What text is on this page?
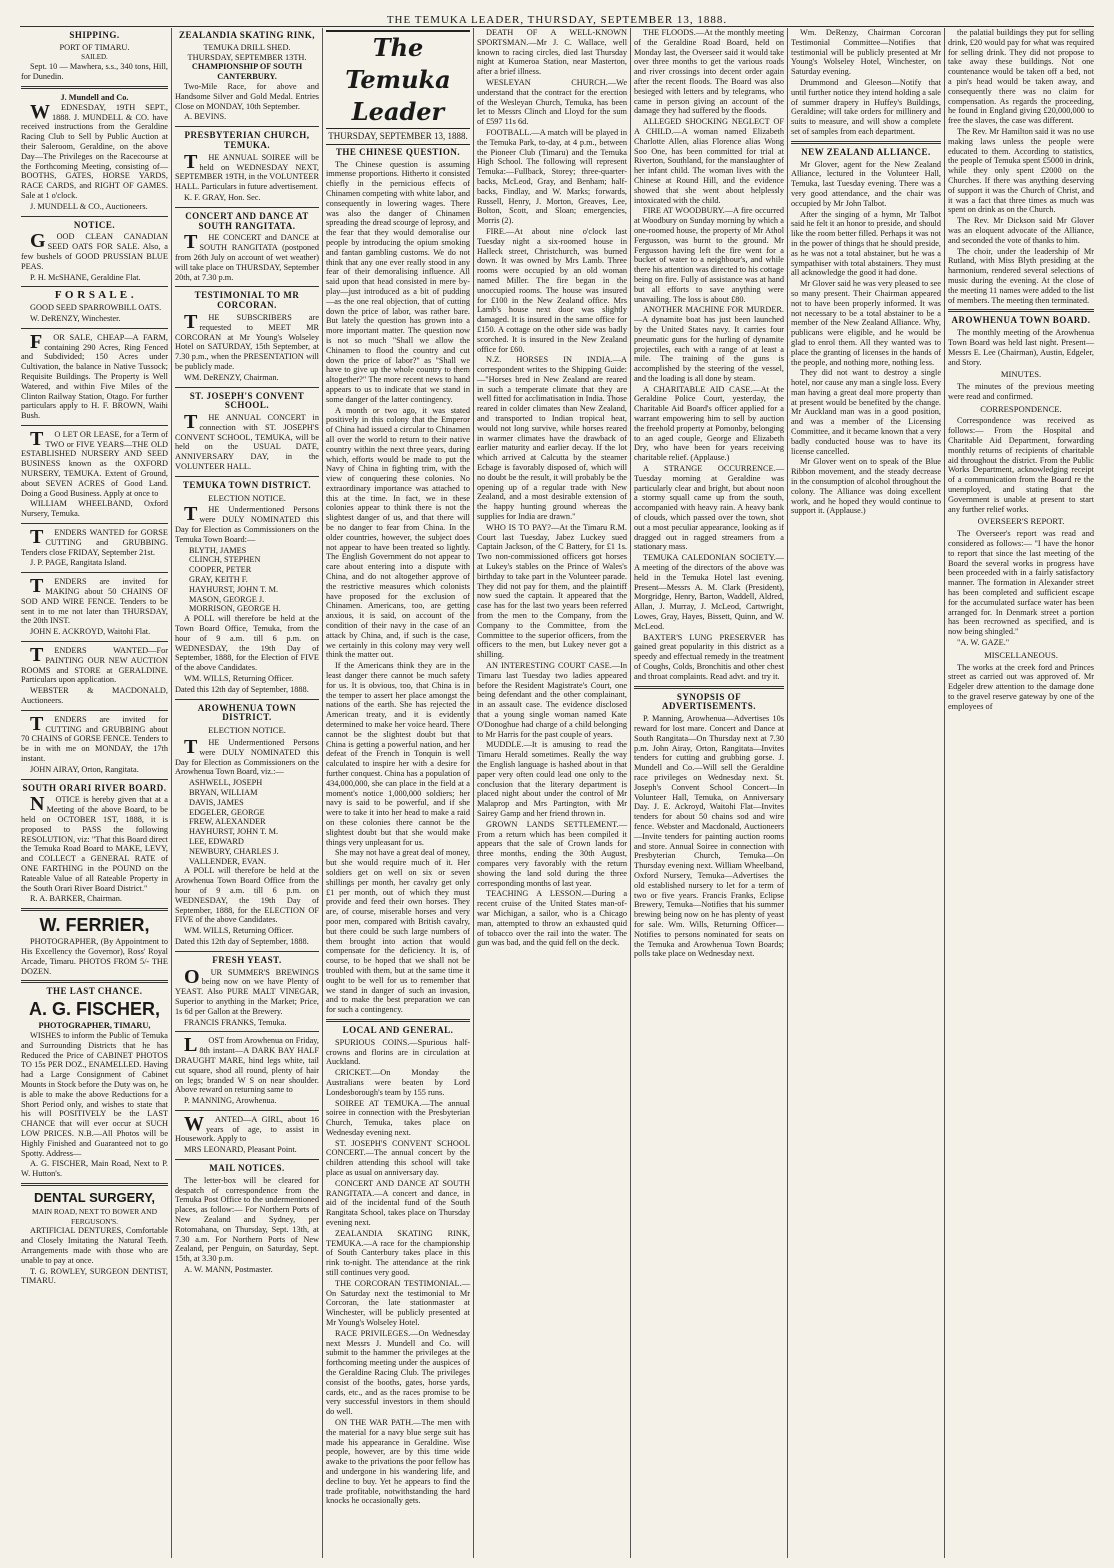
THE TEMUKA LEADER, THURSDAY, SEPTEMBER 13, 1888.
SHIPPING.
PORT OF TIMARU.
SAILED.

Sept. 10 — Mawhera, s.s., 340 tons, Hill, for Dunedin.

J. Mundell and Co.

WEDNESDAY, 19TH SEPT., 1888. J. MUNDELL & CO. have received instructions from the Geraldine Racing Club to Sell by Public Auction at their Saleroom, Geraldine, on the above Day—The Privileges on the Racecourse at the Forthcoming Meeting, consisting of— BOOTHS, GATES, HORSE YARDS, RACE CARDS, and RIGHT OF GAMES. Sale at 1 o'clock.

J. MUNDELL & CO., Auctioneers.

NOTICE.

GOOD CLEAN CANADIAN SEED OATS FOR SALE. Also, a few bushels of GOOD PRUSSIAN BLUE PEAS.

P. H. McSHANE, Geraldine Flat.

F O R S A L E .

GOOD SEED SPARROWBILL OATS.

W. DeRENZY, Winchester.

FOR SALE, CHEAP—A FARM, containing 290 Acres, Ring Fenced and Subdivided; 150 Acres under Cultivation, the balance in Native Tussock; Requisite Buildings. The Property is Well Watered, and within Five Miles of the Clinton Railway Station, Otago. For further particulars apply to H. F. BROWN, Waihi Bush.

TO LET OR LEASE, for a Term of TWO or FIVE YEARS—THE OLD ESTABLISHED NURSERY AND SEED BUSINESS known as the OXFORD NURSERY, TEMUKA. Extent of Ground, about SEVEN ACRES of Good Land. Doing a Good Business. Apply at once to

WILLIAM WHEELBAND, Oxford Nursery, Temuka.

TENDERS WANTED for GORSE CUTTING and GRUBBING. Tenders close FRIDAY, September 21st.

J. P. PAGE, Rangitata Island.

TENDERS are invited for MAKING about 50 CHAINS OF SOD AND WIRE FENCE. Tenders to be sent in to me not later than THURSDAY, the 20th INST.

JOHN E. ACKROYD, Waitohi Flat.

TENDERS WANTED—For PAINTING OUR NEW AUCTION ROOMS and STORE at GERALDINE. Particulars upon application.

WEBSTER & MACDONALD, Auctioneers.

TENDERS are invited for CUTTING and GRUBBING about 70 CHAINS of GORSE FENCE. Tenders to be in with me on MONDAY, the 17th instant.

JOHN AIRAY, Orton, Rangitata.

SOUTH ORARI RIVER BOARD.

NOTICE is hereby given that at a Meeting of the above Board, to be held on OCTOBER 1ST, 1888, it is proposed to PASS the following RESOLUTION, viz: "That this Board direct the Temuka Road Board to MAKE, LEVY, and COLLECT a GENERAL RATE of ONE FARTHING in the POUND on the Rateable Value of all Rateable Property in the South Orari River Board District."

R. A. BARKER, Chairman.

W. FERRIER,

PHOTOGRAPHER, (By Appointment to His Excellency the Governor), Ross' Royal Arcade, Timaru. PHOTOS FROM 5/- THE DOZEN.

THE LAST CHANCE.
A. G. FISCHER,
PHOTOGRAPHER, TIMARU,

WISHES to inform the Public of Temuka and Surrounding Districts that he has Reduced the Price of CABINET PHOTOS TO 15s PER DOZ., ENAMELLED. Having had a Large Consignment of Cabinet Mounts in Stock before the Duty was on, he is able to make the above Reductions for a Short Period only, and wishes to state that his will POSITIVELY be the LAST CHANCE that will ever occur at SUCH LOW PRICES. N.B.—All Photos will be Highly Finished and Guaranteed not to go Spotty. Address—

A. G. FISCHER, Main Road, Next to P. W. Hutton's.

DENTAL SURGERY,
MAIN ROAD, NEXT TO BOWER AND FERGUSON'S.

ARTIFICIAL DENTURES, Comfortable and Closely Imitating the Natural Teeth. Arrangements made with those who are unable to pay at once.

T. G. ROWLEY, SURGEON DENTIST, TIMARU.

ZEALANDIA SKATING RINK,
TEMUKA DRILL SHED.
THURSDAY, SEPTEMBER 13TH.
CHAMPIONSHIP OF SOUTH CANTERBURY.

Two-Mile Race, for above and Handsome Silver and Gold Medal. Entries Close on MONDAY, 10th September.

A. BEVINS.

PRESBYTERIAN CHURCH, TEMUKA.

THE ANNUAL SOIREE will be held on WEDNESDAY NEXT, SEPTEMBER 19TH, in the VOLUNTEER HALL. Particulars in future advertisement.

K. F. GRAY, Hon. Sec.

CONCERT AND DANCE AT SOUTH RANGITATA.

THE CONCERT and DANCE at SOUTH RANGITATA (postponed from 26th July on account of wet weather) will take place on THURSDAY, September 20th, at 7.30 p.m.

TESTIMONIAL TO MR CORCORAN.

THE SUBSCRIBERS are requested to MEET MR CORCORAN at Mr Young's Wolseley Hotel on SATURDAY, 15th September, at 7.30 p.m., when the PRESENTATION will be publicly made.

WM. DeRENZY, Chairman.

ST. JOSEPH'S CONVENT SCHOOL.

THE ANNUAL CONCERT in connection with ST. JOSEPH'S CONVENT SCHOOL, TEMUKA, will be held on the USUAL DATE, ANNIVERSARY DAY, in the VOLUNTEER HALL.

TEMUKA TOWN DISTRICT.
ELECTION NOTICE.

THE Undermentioned Persons were DULY NOMINATED this Day for Election as Commissioners on the Temuka Town Board:—

BLYTH, JAMES

CLINCH, STEPHEN

COOPER, PETER

GRAY, KEITH F.

HAYHURST, JOHN T. M.

MASON, GEORGE J.

MORRISON, GEORGE H.

A POLL will therefore be held at the Town Board Office, Temuka, from the hour of 9 a.m. till 6 p.m. on WEDNESDAY, the 19th Day of September, 1888, for the Election of FIVE of the above Candidates.

WM. WILLS, Returning Officer.

Dated this 12th day of September, 1888.

AROWHENUA TOWN DISTRICT.
ELECTION NOTICE.

THE Undermentioned Persons were DULY NOMINATED this Day for Election as Commissioners on the Arowhenua Town Board, viz.:—

ASHWELL, JOSEPH

BRYAN, WILLIAM

DAVIS, JAMES

EDGELER, GEORGE

FREW, ALEXANDER

HAYHURST, JOHN T. M.

LEE, EDWARD

NEWBURY, CHARLES J.

VALLENDER, EVAN.

A POLL will therefore be held at the Arowhenua Town Board Office from the hour of 9 a.m. till 6 p.m. on WEDNESDAY, the 19th Day of September, 1888, for the ELECTION OF FIVE of the above Candidates.

WM. WILLS, Returning Officer.

Dated this 12th day of September, 1888.

FRESH YEAST.

OUR SUMMER'S BREWINGS being now on we have Plenty of YEAST. Also PURE MALT VINEGAR, Superior to anything in the Market; Price, 1s 6d per Gallon at the Brewery.

FRANCIS FRANKS, Temuka.

LOST from Arowhenua on Friday, 8th instant—A DARK BAY HALF DRAUGHT MARE, hind legs white, tail cut square, shod all round, plenty of hair on legs; branded W S on near shoulder. Above reward on returning same to

P. MANNING, Arowhenua.

WANTED—A GIRL, about 16 years of age, to assist in Housework. Apply to

MRS LEONARD, Pleasant Point.

MAIL NOTICES.

The letter-box will be cleared for despatch of correspondence from the Temuka Post Office to the undermentioned places, as follow:— For Northern Ports of New Zealand and Sydney, per Rotomahana, on Thursday, Sept. 13th, at 7.30 a.m. For Northern Ports of New Zealand, per Penguin, on Saturday, Sept. 15th, at 3.30 p.m.

A. W. MANN, Postmaster.

The Temuka Leader
THURSDAY, SEPTEMBER 13, 1888.
THE CHINESE QUESTION.

The Chinese question is assuming immense proportions. Hitherto it consisted chiefly in the pernicious effects of Chinamen competing with white labor, and consequently in lowering wages. There was also the danger of Chinamen spreading the dread scourge of leprosy, and the fear that they would demoralise our people by introducing the opium smoking and fantan gambling customs. We do not think that any one ever really stood in any fear of their demoralising influence. All said upon that head consisted in mere by-play—just introduced as a bit of pudding—as the one real objection, that of cutting down the price of labor, was rather bare. But lately the question has grown into a more important matter. The question now is not so much "Shall we allow the Chinamen to flood the country and cut down the price of labor?" as "Shall we have to give up the whole country to them altogether?" The more recent news to hand appears to us to indicate that we stand in some danger of the latter contingency.

A month or two ago, it was stated positively in this colony that the Emperor of China had issued a circular to Chinamen all over the world to return to their native country within the next three years, during which, efforts would be made to put the Navy of China in fighting trim, with the view of conquering these colonies. No extraordinary importance was attached to this at the time. In fact, we in these colonies appear to think there is not the slightest danger of us, and that there will be no danger to fear from China. In the older countries, however, the subject does not appear to have been treated so lightly. The English Government do not appear to care about entering into a dispute with China, and do not altogether approve of the restrictive measures which colonists have proposed for the exclusion of Chinamen. Americans, too, are getting anxious, it is said, on account of the condition of their navy in the case of an attack by China, and, if such is the case, we certainly in this colony may very well think the matter out.

If the Americans think they are in the least danger there cannot be much safety for us. It is obvious, too, that China is in the temper to assert her place amongst the nations of the earth. She has rejected the American treaty, and it is evidently determined to make her voice heard. There cannot be the slightest doubt but that China is getting a powerful nation, and her defeat of the French in Tonquin is well calculated to inspire her with a desire for further conquest. China has a population of 434,000,000, she can place in the field at a moment's notice 1,000,000 soldiers; her navy is said to be powerful, and if she were to take it into her head to make a raid on these colonies there cannot be the slightest doubt but that she would make things very unpleasant for us.

She may not have a great deal of money, but she would require much of it. Her soldiers get on well on six or seven shillings per month, her cavalry get only £1 per month, out of which they must provide and feed their own horses. They are, of course, miserable horses and very poor men, compared with British cavalry, but there could be such large numbers of them brought into action that would compensate for the deficiency. It is, of course, to be hoped that we shall not be troubled with them, but at the same time it ought to be well for us to remember that we stand in danger of such an invasion, and to make the best preparation we can for such a contingency.

LOCAL AND GENERAL.

SPURIOUS COINS.—Spurious half-crowns and florins are in circulation at Auckland.

CRICKET.—On Monday the Australians were beaten by Lord Londesborough's team by 155 runs.

SOIREE AT TEMUKA.—The annual soiree in connection with the Presbyterian Church, Temuka, takes place on Wednesday evening next.

ST. JOSEPH'S CONVENT SCHOOL CONCERT.—The annual concert by the children attending this school will take place as usual on anniversary day.

CONCERT AND DANCE AT SOUTH RANGITATA.—A concert and dance, in aid of the incidental fund of the South Rangitata School, takes place on Thursday evening next.

ZEALANDIA SKATING RINK, TEMUKA.—A race for the championship of South Canterbury takes place in this rink to-night. The attendance at the rink still continues very good.

THE CORCORAN TESTIMONIAL.—On Saturday next the testimonial to Mr Corcoran, the late stationmaster at Winchester, will be publicly presented at Mr Young's Wolseley Hotel.

RACE PRIVILEGES.—On Wednesday next Messrs J. Mundell and Co. will submit to the hammer the privileges at the forthcoming meeting under the auspices of the Geraldine Racing Club. The privileges consist of the booths, gates, horse yards, cards, etc., and as the races promise to be very successful investors in them should do well.

ON THE WAR PATH.—The men with the material for a navy blue serge suit has made his appearance in Geraldine. Wise people, however, are by this time wide awake to the privations the poor fellow has and undergone in his wandering life, and decline to buy. Yet he appears to find the trade profitable, notwithstanding the hard knocks he occasionally gets.

DEATH OF A WELL-KNOWN SPORTSMAN.—Mr J. C. Wallace, well known to racing circles, died last Thursday night at Kumeroa Station, near Masterton, after a brief illness.

WESLEYAN CHURCH.—We understand that the contract for the erection of the Wesleyan Church, Temuka, has been let to Messrs Clinch and Lloyd for the sum of £597 11s 6d.

FOOTBALL.—A match will be played in the Temuka Park, to-day, at 4 p.m., between the Pioneer Club (Timaru) and the Temuka High School. The following will represent Temuka:—Fullback, Storey; three-quarter-backs, McLeod, Gray, and Benham; half-backs, Findlay, and W. Marks; forwards, Russell, Henry, J. Morton, Greaves, Lee, Bolton, Scott, and Sloan; emergencies, Morris (2).

FIRE.—At about nine o'clock last Tuesday night a six-roomed house in Halleck street, Christchurch, was burned down. It was owned by Mrs Lamb. Three rooms were occupied by an old woman named Miller. The fire began in the unoccupied rooms. The house was insured for £100 in the New Zealand office. Mrs Lamb's house next door was slightly damaged. It is insured in the same office for £150. A cottage on the other side was badly scorched. It is insured in the New Zealand office for £60.

N.Z. HORSES IN INDIA.—A correspondent writes to the Shipping Guide:—"Horses bred in New Zealand are reared in such a temperate climate that they are well fitted for acclimatisation in India. Those reared in colder climates than New Zealand, and transported to Indian tropical heat, would not long survive, while horses reared in warmer climates have the drawback of earlier maturity and earlier decay. If the lot which arrived at Calcutta by the steamer Ecbage is favorably disposed of, which will no doubt be the result, it will probably be the opening up of a regular trade with New Zealand, and a most desirable extension of the happy hunting ground whereas the supplies for India are drawn."

WHO IS TO PAY?—At the Timaru R.M. Court last Tuesday, Jabez Luckey sued Captain Jackson, of the C Battery, for £1 1s. Two non-commissioned officers got horses at Lukey's stables on the Prince of Wales's birthday to take part in the Volunteer parade. They did not pay for them, and the plaintiff now sued the captain. It appeared that the case has for the last two years been referred from the men to the Company, from the Company to the Committee, from the Committee to the superior officers, from the officers to the men, but Lukey never got a shilling.

AN INTERESTING COURT CASE.—In Timaru last Tuesday two ladies appeared before the Resident Magistrate's Court, one being defendant and the other complainant, in an assault case. The evidence disclosed that a young single woman named Kate O'Donoghue had charge of a child belonging to Mr Harris for the past couple of years.

MUDDLE.—It is amusing to read the Timaru Herald sometimes. Really the way the English language is hashed about in that paper very often could lead one only to the conclusion that the literary department is placed night about under the control of Mr Malaprop and Mrs Partington, with Mr Sairey Gamp and her friend thrown in.

GROWN LANDS SETTLEMENT.—From a return which has been compiled it appears that the sale of Crown lands for three months, ending the 30th August, compares very favorably with the return showing the land sold during the three corresponding months of last year.

TEACHING A LESSON.—During a recent cruise of the United States man-of-war Michigan, a sailor, who is a Chicago man, attempted to throw an exhausted quid of tobacco over the rail into the water. The gun was bad, and the quid fell on the deck.

THE FLOODS.—At the monthly meeting of the Geraldine Road Board, held on Monday last, the Overseer said it would take over three months to get the various roads and river crossings into decent order again after the recent floods. The Board was also besieged with letters and by telegrams, who came in person giving an account of the damage they had suffered by the floods.

ALLEGED SHOCKING NEGLECT OF A CHILD.—A woman named Elizabeth Charlotte Allen, alias Florence alias Wong Soo One, has been committed for trial at Riverton, Southland, for the manslaughter of her infant child. The woman lives with the Chinese at Round Hill, and the evidence showed that she went about helplessly intoxicated with the child.

FIRE AT WOODBURY.—A fire occurred at Woodbury on Sunday morning by which a one-roomed house, the property of Mr Athol Fergusson, was burnt to the ground. Mr Fergusson having left the fire went for a bucket of water to a neighbour's, and while there his attention was directed to his cottage being on fire. Fully of assistance was at hand but all efforts to save anything were unavailing. The loss is about £80.

ANOTHER MACHINE FOR MURDER.—A dynamite boat has just been launched by the United States navy. It carries four pneumatic guns for the hurling of dynamite projectiles, each with a range of at least a mile. The training of the guns is accomplished by the steering of the vessel, and the loading is all done by steam.

A CHARITABLE AID CASE.—At the Geraldine Police Court, yesterday, the Charitable Aid Board's officer applied for a warrant empowering him to sell by auction the freehold property at Pomonby, belonging to an aged couple, George and Elizabeth Dry, who have been for years receiving charitable relief. (Applause.)

A STRANGE OCCURRENCE.—Tuesday morning at Geraldine was particularly clear and bright, but about noon a stormy squall came up from the south, accompanied with heavy rain. A heavy bank of clouds, which passed over the town, shot out a most peculiar appearance, looking as if dragged out in ragged streamers from a stationary mass.

TEMUKA CALEDONIAN SOCIETY.—A meeting of the directors of the above was held in the Temuka Hotel last evening. Present—Messrs A. M. Clark (President), Morgridge, Henry, Barton, Waddell, Aldred, Allan, J. Murray, J. McLeod, Cartwright, Lowes, Gray, Hayes, Bissett, Quinn, and W. McLeod.

BAXTER'S LUNG PRESERVER has gained great popularity in this district as a speedy and effectual remedy in the treatment of Coughs, Colds, Bronchitis and other chest and throat complaints. Read advt. and try it.

SYNOPSIS OF ADVERTISEMENTS.

P. Manning, Arowhenua—Advertises 10s reward for lost mare. Concert and Dance at South Rangitata—On Thursday next at 7.30 p.m. John Airay, Orton, Rangitata—Invites tenders for cutting and grubbing gorse. J. Mundell and Co.—Will sell the Geraldine race privileges on Wednesday next. St. Joseph's Convent School Concert—In Volunteer Hall, Temuka, on Anniversary Day. J. E. Ackroyd, Waitohi Flat—Invites tenders for about 50 chains sod and wire fence. Webster and Macdonald, Auctioneers—Invite tenders for painting auction rooms and store. Annual Soiree in connection with Presbyterian Church, Temuka—On Thursday evening next. William Wheelband, Oxford Nursery, Temuka—Advertises the old established nursery to let for a term of two or five years. Francis Franks, Eclipse Brewery, Temuka—Notifies that his summer brewing being now on he has plenty of yeast for sale. Wm. Wills, Returning Officer—Notifies to persons nominated for seats on the Temuka and Arowhenua Town Boards; polls take place on Wednesday next.

Wm. DeRenzy, Chairman Corcoran Testimonial Committee—Notifies that testimonial will be publicly presented at Mr Young's Wolseley Hotel, Winchester, on Saturday evening.

Drummond and Gleeson—Notify that until further notice they intend holding a sale of summer drapery in Huffey's Buildings, Geraldine; will take orders for millinery and suits to measure, and will show a complete set of samples from each department.

NEW ZEALAND ALLIANCE.

Mr Glover, agent for the New Zealand Alliance, lectured in the Volunteer Hall, Temuka, last Tuesday evening. There was a very good attendance, and the chair was occupied by Mr John Talbot.

After the singing of a hymn, Mr Talbot said he felt it an honor to preside, and should like the room better filled. Perhaps it was not in the power of things that he should preside, as he was not a total abstainer, but he was a sympathiser with total abstainers. They must all acknowledge the good it had done.

Mr Glover said he was very pleased to see so many present. Their Chairman appeared not to have been properly informed. It was not necessary to be a total abstainer to be a member of the New Zealand Alliance. Why, publicans were eligible, and he would be glad to enrol them. All they wanted was to place the granting of licenses in the hands of the people, and nothing more, nothing less.

They did not want to destroy a single hotel, nor cause any man a single loss. Every man having a great deal more property than at present would be benefited by the change. Mr Auckland man was in a good position, and was a member of the Licensing Committee, and it became known that a very badly conducted house was to have its license cancelled.

Mr Glover went on to speak of the Blue Ribbon movement, and the steady decrease in the consumption of alcohol throughout the colony. The Alliance was doing excellent work, and he hoped they would continue to support it. (Applause.)

the palatial buildings they put for selling drink, £20 would pay for what was required for selling drink. They did not propose to take away these buildings. Not one countenance would be taken off a bed, not a pin's head would be taken away, and consequently there was no claim for compensation. As regards the proceeding, he found in England giving £20,000,000 to free the slaves, the case was different.

The Rev. Mr Hamilton said it was no use making laws unless the people were educated to them. According to statistics, the people of Temuka spent £5000 in drink, while they only spent £2000 on the Churches. If there was anything deserving of support it was the Church of Christ, and it was a fact that three times as much was spent on drink as on the Church.

The Rev. Mr Dickson said Mr Glover was an eloquent advocate of the Alliance, and seconded the vote of thanks to him.

The choir, under the leadership of Mr Rutland, with Miss Blyth presiding at the harmonium, rendered several selections of music during the evening. At the close of the meeting 11 names were added to the list of members. The meeting then terminated.

AROWHENUA TOWN BOARD.

The monthly meeting of the Arowhenua Town Board was held last night. Present—Messrs E. Lee (Chairman), Austin, Edgeler, and Story.

MINUTES.

The minutes of the previous meeting were read and confirmed.

CORRESPONDENCE.

Correspondence was received as follows:— From the Hospital and Charitable Aid Department, forwarding monthly returns of recipients of charitable aid throughout the district. From the Public Works Department, acknowledging receipt of a communication from the Board re the unemployed, and stating that the Government is unable at present to start any further relief works.

OVERSEER'S REPORT.

The Overseer's report was read and considered as follows:— "I have the honor to report that since the last meeting of the Board the several works in progress have been proceeded with in a fairly satisfactory manner. The formation in Alexander street has been completed and sufficient escape for the accumulated surface water has been arranged for. In Denmark street a portion has been recrowned as specified, and is now being shingled."

"A. W. GAZE."

MISCELLANEOUS.

The works at the creek ford and Princes street as carried out was approved of. Mr Edgeler drew attention to the damage done to the gravel reserve gateway by one of the employees of
